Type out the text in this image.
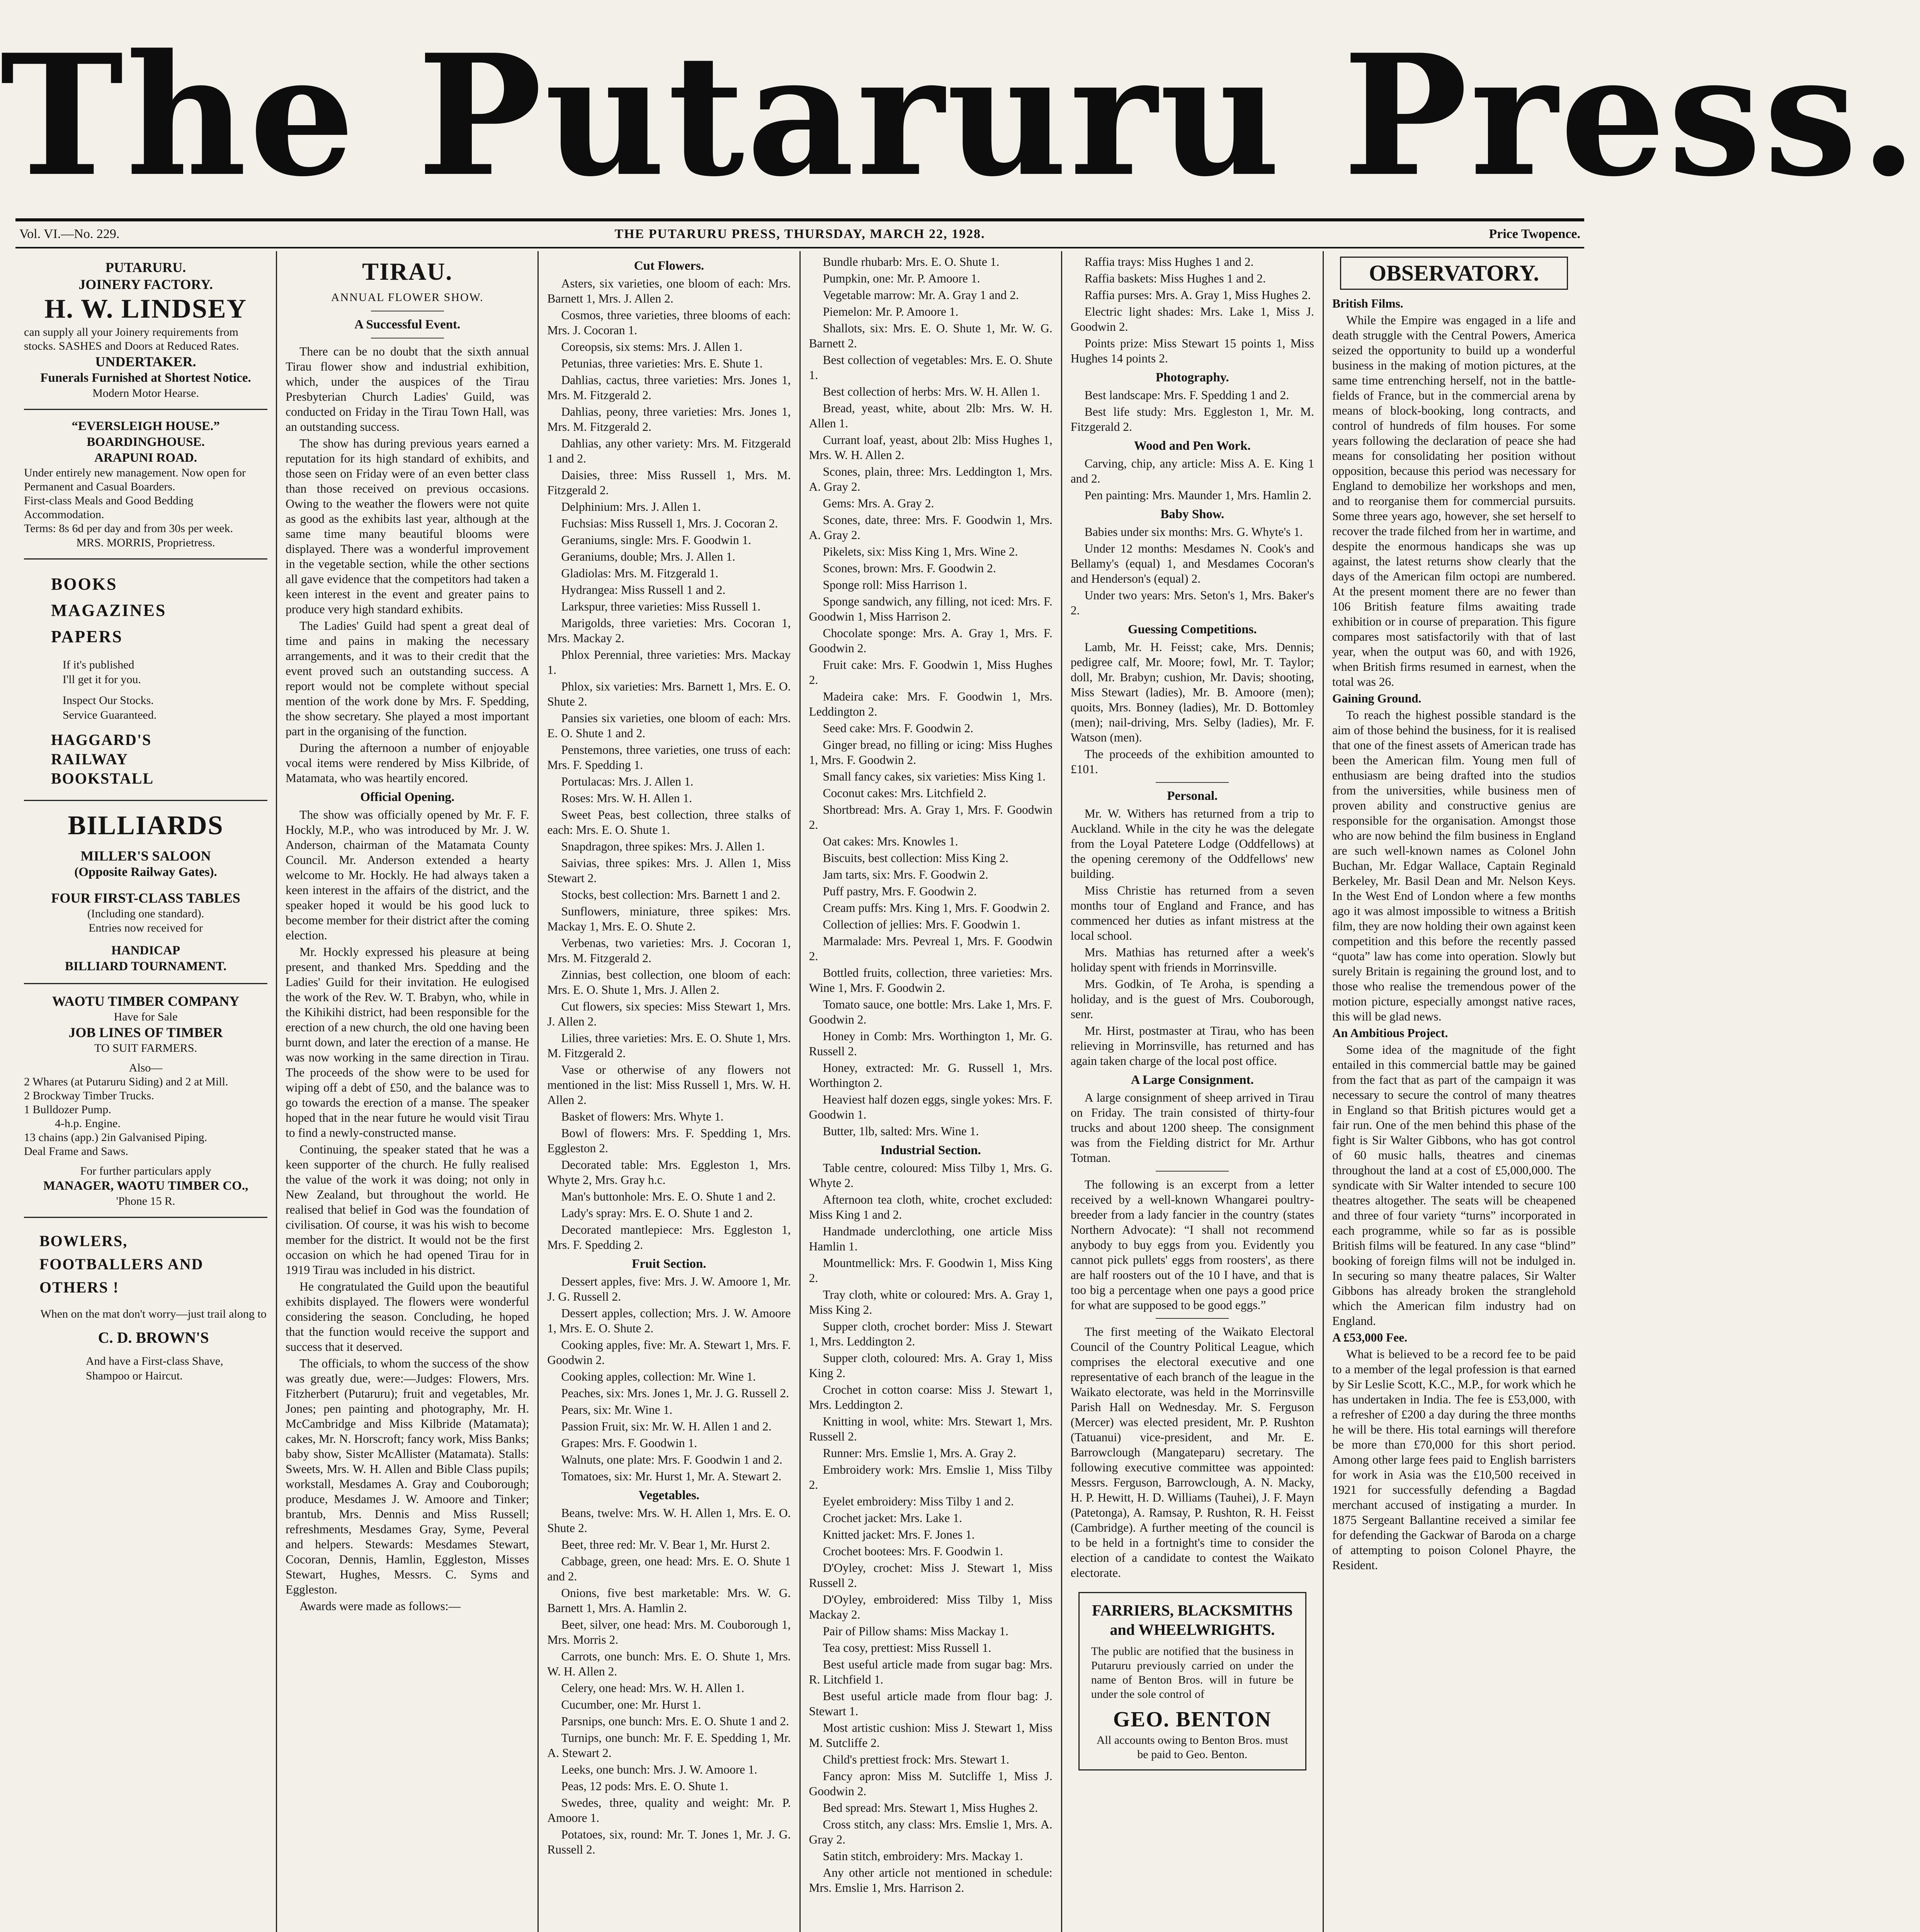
The Putaruru Press.
Vol. VI.—No. 229.	THE PUTARURU PRESS, THURSDAY, MARCH 22, 1928.	Price Twopence.
PUTARURU.
JOINERY FACTORY.
H. W. LINDSEY
can supply all your Joinery requirements from stocks. SASHES and Doors at Reduced Rates.
UNDERTAKER.
Funerals Furnished at Shortest Notice.
Modern Motor Hearse.
“EVERSLEIGH HOUSE.”
BOARDINGHOUSE.
ARAPUNI ROAD.
Under entirely new management. Now open for Permanent and Casual Boarders.
First-class Meals and Good Bedding Accommodation.
Terms: 8s 6d per day and from 30s per week.
MRS. MORRIS, Proprietress.
BOOKS
MAGAZINES
PAPERS
If it's published
I'll get it for you.
Inspect Our Stocks.
Service Guaranteed.
HAGGARD'S
RAILWAY
BOOKSTALL
BILLIARDS
MILLER'S SALOON
(Opposite Railway Gates).
FOUR FIRST-CLASS TABLES
(Including one standard).
Entries now received for
HANDICAP
BILLIARD TOURNAMENT.
WAOTU TIMBER COMPANY
Have for Sale
JOB LINES OF TIMBER
TO SUIT FARMERS.
Also—
2 Whares (at Putaruru Siding) and 2 at Mill.
2 Brockway Timber Trucks.
1 Bulldozer Pump.
4-h.p. Engine.
13 chains (app.) 2in Galvanised Piping.
Deal Frame and Saws.
For further particulars apply
MANAGER, WAOTU TIMBER CO.,
'Phone 15 R.
BOWLERS,
FOOTBALLERS AND
OTHERS !
When on the mat don't worry—just trail along to
C. D. BROWN'S
And have a First-class Shave, Shampoo or Haircut.
TIRAU.
ANNUAL FLOWER SHOW.
A Successful Event.

There can be no doubt that the sixth annual Tirau flower show and industrial exhibition, which, under the auspices of the Tirau Presbyterian Church Ladies' Guild, was conducted on Friday in the Tirau Town Hall, was an outstanding success.

The show has during previous years earned a reputation for its high standard of exhibits, and those seen on Friday were of an even better class than those received on previous occasions. Owing to the weather the flowers were not quite as good as the exhibits last year, although at the same time many beautiful blooms were displayed. There was a wonderful improvement in the vegetable section, while the other sections all gave evidence that the competitors had taken a keen interest in the event and greater pains to produce very high standard exhibits.

The Ladies' Guild had spent a great deal of time and pains in making the necessary arrangements, and it was to their credit that the event proved such an outstanding success. A report would not be complete without special mention of the work done by Mrs. F. Spedding, the show secretary. She played a most important part in the organising of the function.

During the afternoon a number of enjoyable vocal items were rendered by Miss Kilbride, of Matamata, who was heartily encored.

Official Opening.

The show was officially opened by Mr. F. F. Hockly, M.P., who was introduced by Mr. J. W. Anderson, chairman of the Matamata County Council. Mr. Anderson extended a hearty welcome to Mr. Hockly. He had always taken a keen interest in the affairs of the district, and the speaker hoped it would be his good luck to become member for their district after the coming election.

Mr. Hockly expressed his pleasure at being present, and thanked Mrs. Spedding and the Ladies' Guild for their invitation. He eulogised the work of the Rev. W. T. Brabyn, who, while in the Kihikihi district, had been responsible for the erection of a new church, the old one having been burnt down, and later the erection of a manse. He was now working in the same direction in Tirau. The proceeds of the show were to be used for wiping off a debt of £50, and the balance was to go towards the erection of a manse. The speaker hoped that in the near future he would visit Tirau to find a newly-constructed manse.

Continuing, the speaker stated that he was a keen supporter of the church. He fully realised the value of the work it was doing; not only in New Zealand, but throughout the world. He realised that belief in God was the foundation of civilisation. Of course, it was his wish to become member for the district. It would not be the first occasion on which he had opened Tirau for in 1919 Tirau was included in his district.

He congratulated the Guild upon the beautiful exhibits displayed. The flowers were wonderful considering the season. Concluding, he hoped that the function would receive the support and success that it deserved.

The officials, to whom the success of the show was greatly due, were:—Judges: Flowers, Mrs. Fitzherbert (Putaruru); fruit and vegetables, Mr. Jones; pen painting and photography, Mr. H. McCambridge and Miss Kilbride (Matamata); cakes, Mr. N. Horscroft; fancy work, Miss Banks; baby show, Sister McAllister (Matamata). Stalls: Sweets, Mrs. W. H. Allen and Bible Class pupils; workstall, Mesdames A. Gray and Couborough; produce, Mesdames J. W. Amoore and Tinker; brantub, Mrs. Dennis and Miss Russell; refreshments, Mesdames Gray, Syme, Peveral and helpers. Stewards: Mesdames Stewart, Cocoran, Dennis, Hamlin, Eggleston, Misses Stewart, Hughes, Messrs. C. Syms and Eggleston.

Awards were made as follows:—

Cut Flowers.

Asters, six varieties, one bloom of each: Mrs. Barnett 1, Mrs. J. Allen 2.

Cosmos, three varieties, three blooms of each: Mrs. J. Cocoran 1.

Coreopsis, six stems: Mrs. J. Allen 1.

Petunias, three varieties: Mrs. E. Shute 1.

Dahlias, cactus, three varieties: Mrs. Jones 1, Mrs. M. Fitzgerald 2.

Dahlias, peony, three varieties: Mrs. Jones 1, Mrs. M. Fitzgerald 2.

Dahlias, any other variety: Mrs. M. Fitzgerald 1 and 2.

Daisies, three: Miss Russell 1, Mrs. M. Fitzgerald 2.

Delphinium: Mrs. J. Allen 1.

Fuchsias: Miss Russell 1, Mrs. J. Cocoran 2.

Geraniums, single: Mrs. F. Goodwin 1.

Geraniums, double; Mrs. J. Allen 1.

Gladiolas: Mrs. M. Fitzgerald 1.

Hydrangea: Miss Russell 1 and 2.

Larkspur, three varieties: Miss Russell 1.

Marigolds, three varieties: Mrs. Cocoran 1, Mrs. Mackay 2.

Phlox Perennial, three varieties: Mrs. Mackay 1.

Phlox, six varieties: Mrs. Barnett 1, Mrs. E. O. Shute 2.

Pansies six varieties, one bloom of each: Mrs. E. O. Shute 1 and 2.

Penstemons, three varieties, one truss of each: Mrs. F. Spedding 1.

Portulacas: Mrs. J. Allen 1.

Roses: Mrs. W. H. Allen 1.

Sweet Peas, best collection, three stalks of each: Mrs. E. O. Shute 1.

Snapdragon, three spikes: Mrs. J. Allen 1.

Saivias, three spikes: Mrs. J. Allen 1, Miss Stewart 2.

Stocks, best collection: Mrs. Barnett 1 and 2.

Sunflowers, miniature, three spikes: Mrs. Mackay 1, Mrs. E. O. Shute 2.

Verbenas, two varieties: Mrs. J. Cocoran 1, Mrs. M. Fitzgerald 2.

Zinnias, best collection, one bloom of each: Mrs. E. O. Shute 1, Mrs. J. Allen 2.

Cut flowers, six species: Miss Stewart 1, Mrs. J. Allen 2.

Lilies, three varieties: Mrs. E. O. Shute 1, Mrs. M. Fitzgerald 2.

Vase or otherwise of any flowers not mentioned in the list: Miss Russell 1, Mrs. W. H. Allen 2.

Basket of flowers: Mrs. Whyte 1.

Bowl of flowers: Mrs. F. Spedding 1, Mrs. Eggleston 2.

Decorated table: Mrs. Eggleston 1, Mrs. Whyte 2, Mrs. Gray h.c.

Man's buttonhole: Mrs. E. O. Shute 1 and 2.

Lady's spray: Mrs. E. O. Shute 1 and 2.

Decorated mantlepiece: Mrs. Eggleston 1, Mrs. F. Spedding 2.

Fruit Section.

Dessert apples, five: Mrs. J. W. Amoore 1, Mr. J. G. Russell 2.

Dessert apples, collection; Mrs. J. W. Amoore 1, Mrs. E. O. Shute 2.

Cooking apples, five: Mr. A. Stewart 1, Mrs. F. Goodwin 2.

Cooking apples, collection: Mr. Wine 1.

Peaches, six: Mrs. Jones 1, Mr. J. G. Russell 2.

Pears, six: Mr. Wine 1.

Passion Fruit, six: Mr. W. H. Allen 1 and 2.

Grapes: Mrs. F. Goodwin 1.

Walnuts, one plate: Mrs. F. Goodwin 1 and 2.

Tomatoes, six: Mr. Hurst 1, Mr. A. Stewart 2.

Vegetables.

Beans, twelve: Mrs. W. H. Allen 1, Mrs. E. O. Shute 2.

Beet, three red: Mr. V. Bear 1, Mr. Hurst 2.

Cabbage, green, one head: Mrs. E. O. Shute 1 and 2.

Onions, five best marketable: Mrs. W. G. Barnett 1, Mrs. A. Hamlin 2.

Beet, silver, one head: Mrs. M. Couborough 1, Mrs. Morris 2.

Carrots, one bunch: Mrs. E. O. Shute 1, Mrs. W. H. Allen 2.

Celery, one head: Mrs. W. H. Allen 1.

Cucumber, one: Mr. Hurst 1.

Parsnips, one bunch: Mrs. E. O. Shute 1 and 2.

Turnips, one bunch: Mr. F. E. Spedding 1, Mr. A. Stewart 2.

Leeks, one bunch: Mrs. J. W. Amoore 1.

Peas, 12 pods: Mrs. E. O. Shute 1.

Swedes, three, quality and weight: Mr. P. Amoore 1.

Potatoes, six, round: Mr. T. Jones 1, Mr. J. G. Russell 2.

Bundle rhubarb: Mrs. E. O. Shute 1.

Pumpkin, one: Mr. P. Amoore 1.

Vegetable marrow: Mr. A. Gray 1 and 2.

Piemelon: Mr. P. Amoore 1.

Shallots, six: Mrs. E. O. Shute 1, Mr. W. G. Barnett 2.

Best collection of vegetables: Mrs. E. O. Shute 1.

Best collection of herbs: Mrs. W. H. Allen 1.

Bread, yeast, white, about 2lb: Mrs. W. H. Allen 1.

Currant loaf, yeast, about 2lb: Miss Hughes 1, Mrs. W. H. Allen 2.

Scones, plain, three: Mrs. Leddington 1, Mrs. A. Gray 2.

Gems: Mrs. A. Gray 2.

Scones, date, three: Mrs. F. Goodwin 1, Mrs. A. Gray 2.

Pikelets, six: Miss King 1, Mrs. Wine 2.

Scones, brown: Mrs. F. Goodwin 2.

Sponge roll: Miss Harrison 1.

Sponge sandwich, any filling, not iced: Mrs. F. Goodwin 1, Miss Harrison 2.

Chocolate sponge: Mrs. A. Gray 1, Mrs. F. Goodwin 2.

Fruit cake: Mrs. F. Goodwin 1, Miss Hughes 2.

Madeira cake: Mrs. F. Goodwin 1, Mrs. Leddington 2.

Seed cake: Mrs. F. Goodwin 2.

Ginger bread, no filling or icing: Miss Hughes 1, Mrs. F. Goodwin 2.

Small fancy cakes, six varieties: Miss King 1.

Coconut cakes: Mrs. Litchfield 2.

Shortbread: Mrs. A. Gray 1, Mrs. F. Goodwin 2.

Oat cakes: Mrs. Knowles 1.

Biscuits, best collection: Miss King 2.

Jam tarts, six: Mrs. F. Goodwin 2.

Puff pastry, Mrs. F. Goodwin 2.

Cream puffs: Mrs. King 1, Mrs. F. Goodwin 2.

Collection of jellies: Mrs. F. Goodwin 1.

Marmalade: Mrs. Pevreal 1, Mrs. F. Goodwin 2.

Bottled fruits, collection, three varieties: Mrs. Wine 1, Mrs. F. Goodwin 2.

Tomato sauce, one bottle: Mrs. Lake 1, Mrs. F. Goodwin 2.

Honey in Comb: Mrs. Worthington 1, Mr. G. Russell 2.

Honey, extracted: Mr. G. Russell 1, Mrs. Worthington 2.

Heaviest half dozen eggs, single yokes: Mrs. F. Goodwin 1.

Butter, 1lb, salted: Mrs. Wine 1.

Industrial Section.

Table centre, coloured: Miss Tilby 1, Mrs. G. Whyte 2.

Afternoon tea cloth, white, crochet excluded: Miss King 1 and 2.

Handmade underclothing, one article Miss Hamlin 1.

Mountmellick: Mrs. F. Goodwin 1, Miss King 2.

Tray cloth, white or coloured: Mrs. A. Gray 1, Miss King 2.

Supper cloth, crochet border: Miss J. Stewart 1, Mrs. Leddington 2.

Supper cloth, coloured: Mrs. A. Gray 1, Miss King 2.

Crochet in cotton coarse: Miss J. Stewart 1, Mrs. Leddington 2.

Knitting in wool, white: Mrs. Stewart 1, Mrs. Russell 2.

Runner: Mrs. Emslie 1, Mrs. A. Gray 2.

Embroidery work: Mrs. Emslie 1, Miss Tilby 2.

Eyelet embroidery: Miss Tilby 1 and 2.

Crochet jacket: Mrs. Lake 1.

Knitted jacket: Mrs. F. Jones 1.

Crochet bootees: Mrs. F. Goodwin 1.

D'Oyley, crochet: Miss J. Stewart 1, Miss Russell 2.

D'Oyley, embroidered: Miss Tilby 1, Miss Mackay 2.

Pair of Pillow shams: Miss Mackay 1.

Tea cosy, prettiest: Miss Russell 1.

Best useful article made from sugar bag: Mrs. R. Litchfield 1.

Best useful article made from flour bag: J. Stewart 1.

Most artistic cushion: Miss J. Stewart 1, Miss M. Sutcliffe 2.

Child's prettiest frock: Mrs. Stewart 1.

Fancy apron: Miss M. Sutcliffe 1, Miss J. Goodwin 2.

Bed spread: Mrs. Stewart 1, Miss Hughes 2.

Cross stitch, any class: Mrs. Emslie 1, Mrs. A. Gray 2.

Satin stitch, embroidery: Mrs. Mackay 1.

Any other article not mentioned in schedule: Mrs. Emslie 1, Mrs. Harrison 2.

Raffia trays: Miss Hughes 1 and 2.

Raffia baskets: Miss Hughes 1 and 2.

Raffia purses: Mrs. A. Gray 1, Miss Hughes 2.

Electric light shades: Mrs. Lake 1, Miss J. Goodwin 2.

Points prize: Miss Stewart 15 points 1, Miss Hughes 14 points 2.

Photography.

Best landscape: Mrs. F. Spedding 1 and 2.

Best life study: Mrs. Eggleston 1, Mr. M. Fitzgerald 2.

Wood and Pen Work.

Carving, chip, any article: Miss A. E. King 1 and 2.

Pen painting: Mrs. Maunder 1, Mrs. Hamlin 2.

Baby Show.

Babies under six months: Mrs. G. Whyte's 1.

Under 12 months: Mesdames N. Cook's and Bellamy's (equal) 1, and Mesdames Cocoran's and Henderson's (equal) 2.

Under two years: Mrs. Seton's 1, Mrs. Baker's 2.

Guessing Competitions.

Lamb, Mr. H. Feisst; cake, Mrs. Dennis; pedigree calf, Mr. Moore; fowl, Mr. T. Taylor; doll, Mr. Brabyn; cushion, Mr. Davis; shooting, Miss Stewart (ladies), Mr. B. Amoore (men); quoits, Mrs. Bonney (ladies), Mr. D. Bottomley (men); nail-driving, Mrs. Selby (ladies), Mr. F. Watson (men).

The proceeds of the exhibition amounted to £101.

Personal.

Mr. W. Withers has returned from a trip to Auckland. While in the city he was the delegate from the Loyal Patetere Lodge (Oddfellows) at the opening ceremony of the Oddfellows' new building.

Miss Christie has returned from a seven months tour of England and France, and has commenced her duties as infant mistress at the local school.

Mrs. Mathias has returned after a week's holiday spent with friends in Morrinsville.

Mrs. Godkin, of Te Aroha, is spending a holiday, and is the guest of Mrs. Couborough, senr.

Mr. Hirst, postmaster at Tirau, who has been relieving in Morrinsville, has returned and has again taken charge of the local post office.

A Large Consignment.

A large consignment of sheep arrived in Tirau on Friday. The train consisted of thirty-four trucks and about 1200 sheep. The consignment was from the Fielding district for Mr. Arthur Totman.

The following is an excerpt from a letter received by a well-known Whangarei poultry-breeder from a lady fancier in the country (states Northern Advocate): “I shall not recommend anybody to buy eggs from you. Evidently you cannot pick pullets' eggs from roosters', as there are half roosters out of the 10 I have, and that is too big a percentage when one pays a good price for what are supposed to be good eggs.”

The first meeting of the Waikato Electoral Council of the Country Political League, which comprises the electoral executive and one representative of each branch of the league in the Waikato electorate, was held in the Morrinsville Parish Hall on Wednesday. Mr. S. Ferguson (Mercer) was elected president, Mr. P. Rushton (Tatuanui) vice-president, and Mr. E. Barrowclough (Mangateparu) secretary. The following executive committee was appointed: Messrs. Ferguson, Barrowclough, A. N. Macky, H. P. Hewitt, H. D. Williams (Tauhei), J. F. Mayn (Patetonga), A. Ramsay, P. Rushton, R. H. Feisst (Cambridge). A further meeting of the council is to be held in a fortnight's time to consider the election of a candidate to contest the Waikato electorate.

FARRIERS, BLACKSMITHS and WHEELWRIGHTS.
The public are notified that the business in Putaruru previously carried on under the name of Benton Bros. will in future be under the sole control of
GEO. BENTON
All accounts owing to Benton Bros. must be paid to Geo. Benton.
OBSERVATORY.

British Films.

While the Empire was engaged in a life and death struggle with the Central Powers, America seized the opportunity to build up a wonderful business in the making of motion pictures, at the same time entrenching herself, not in the battle-fields of France, but in the commercial arena by means of block-booking, long contracts, and control of hundreds of film houses. For some years following the declaration of peace she had means for consolidating her position without opposition, because this period was necessary for England to demobilize her workshops and men, and to reorganise them for commercial pursuits. Some three years ago, however, she set herself to recover the trade filched from her in wartime, and despite the enormous handicaps she was up against, the latest returns show clearly that the days of the American film octopi are numbered. At the present moment there are no fewer than 106 British feature films awaiting trade exhibition or in course of preparation. This figure compares most satisfactorily with that of last year, when the output was 60, and with 1926, when British firms resumed in earnest, when the total was 26.

Gaining Ground.

To reach the highest possible standard is the aim of those behind the business, for it is realised that one of the finest assets of American trade has been the American film. Young men full of enthusiasm are being drafted into the studios from the universities, while business men of proven ability and constructive genius are responsible for the organisation. Amongst those who are now behind the film business in England are such well-known names as Colonel John Buchan, Mr. Edgar Wallace, Captain Reginald Berkeley, Mr. Basil Dean and Mr. Nelson Keys. In the West End of London where a few months ago it was almost impossible to witness a British film, they are now holding their own against keen competition and this before the recently passed “quota” law has come into operation. Slowly but surely Britain is regaining the ground lost, and to those who realise the tremendous power of the motion picture, especially amongst native races, this will be glad news.

An Ambitious Project.

Some idea of the magnitude of the fight entailed in this commercial battle may be gained from the fact that as part of the campaign it was necessary to secure the control of many theatres in England so that British pictures would get a fair run. One of the men behind this phase of the fight is Sir Walter Gibbons, who has got control of 60 music halls, theatres and cinemas throughout the land at a cost of £5,000,000. The syndicate with Sir Walter intended to secure 100 theatres altogether. The seats will be cheapened and three of four variety “turns” incorporated in each programme, while so far as is possible British films will be featured. In any case “blind” booking of foreign films will not be indulged in. In securing so many theatre palaces, Sir Walter Gibbons has already broken the stranglehold which the American film industry had on England.

A £53,000 Fee.

What is believed to be a record fee to be paid to a member of the legal profession is that earned by Sir Leslie Scott, K.C., M.P., for work which he has undertaken in India. The fee is £53,000, with a refresher of £200 a day during the three months he will be there. His total earnings will therefore be more than £70,000 for this short period. Among other large fees paid to English barristers for work in Asia was the £10,500 received in 1921 for successfully defending a Bagdad merchant accused of instigating a murder. In 1875 Sergeant Ballantine received a similar fee for defending the Gackwar of Baroda on a charge of attempting to poison Colonel Phayre, the Resident.
